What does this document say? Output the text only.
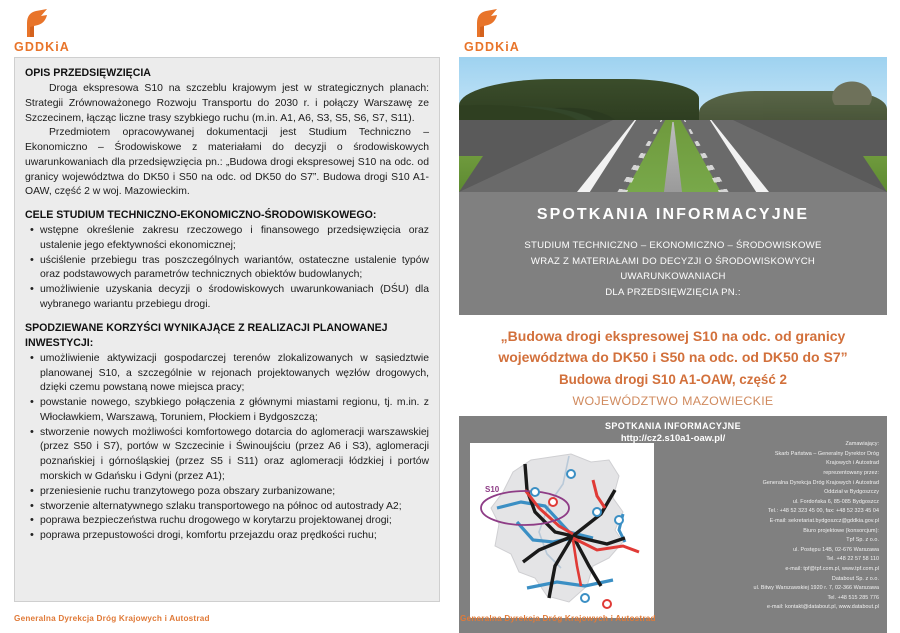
GDDKiA
OPIS PRZEDSIĘWZIĘCIA
Droga ekspresowa S10 na szczeblu krajowym jest w strategicznych planach: Strategii Zrównoważonego Rozwoju Transportu do 2030 r. i połączy Warszawę ze Szczecinem, łącząc liczne trasy szybkiego ruchu (m.in. A1, A6, S3, S5, S6, S7, S11).
Przedmiotem opracowywanej dokumentacji jest Studium Techniczno – Ekonomiczno – Środowiskowe z materiałami do decyzji o środowiskowych uwarunkowaniach dla przedsięwzięcia pn.: „Budowa drogi ekspresowej S10 na odc. od granicy województwa do DK50 i S50 na odc. od DK50 do S7”. Budowa drogi S10 A1-OAW, część 2 w woj. Mazowieckim.
CELE STUDIUM TECHNICZNO-EKONOMICZNO-ŚRODOWISKOWEGO:
• wstępne określenie zakresu rzeczowego i finansowego przedsięwzięcia oraz ustalenie jego efektywności ekonomicznej;
• uściślenie przebiegu tras poszczególnych wariantów, ostateczne ustalenie typów oraz podstawowych parametrów technicznych obiektów budowlanych;
• umożliwienie uzyskania decyzji o środowiskowych uwarunkowaniach (DŚU) dla wybranego wariantu przebiegu drogi.
SPODZIEWANE KORZYŚCI WYNIKAJĄCE Z REALIZACJI PLANOWANEJ INWESTYCJI:
• umożliwienie aktywizacji gospodarczej terenów zlokalizowanych w sąsiedztwie planowanej S10, a szczególnie w rejonach projektowanych węzłów drogowych, dzięki czemu powstaną nowe miejsca pracy;
• powstanie nowego, szybkiego połączenia z głównymi miastami regionu, tj. m.in. z Włocławkiem, Warszawą, Toruniem, Płockiem i Bydgoszczą;
• stworzenie nowych możliwości komfortowego dotarcia do aglomeracji warszawskiej (przez S50 i S7), portów w Szczecinie i Świnoujściu (przez A6 i S3), aglomeracji poznańskiej i górnośląskiej (przez S5 i S11) oraz aglomeracji łódzkiej i portów morskich w Gdańsku i Gdyni (przez A1);
• przeniesienie ruchu tranzytowego poza obszary zurbanizowane;
• stworzenie alternatywnego szlaku transportowego na północ od autostrady A2;
• poprawa bezpieczeństwa ruchu drogowego w korytarzu projektowanej drogi;
• poprawa przepustowości drogi, komfortu przejazdu oraz prędkości ruchu;
Generalna Dyrekcja Dróg Krajowych i Autostrad
GDDKiA
SPOTKANIA INFORMACYJNE
STUDIUM TECHNICZNO – EKONOMICZNO – ŚRODOWISKOWE
WRAZ Z MATERIAŁAMI DO DECYZJI O ŚRODOWISKOWYCH
UWARUNKOWANIACH
DLA PRZEDSIĘWZIĘCIA PN.:
„Budowa drogi ekspresowej S10 na odc. od granicy
województwa do DK50 i S50 na odc. od DK50 do S7”
Budowa drogi S10 A1-OAW, część 2
WOJEWÓDZTWO MAZOWIECKIE
SPOTKANIA INFORMACYJNE
http://cz2.s10a1-oaw.pl/
S10
Zamawiający:
Skarb Państwa – Generalny Dyrektor Dróg
Krajowych i Autostrad
reprezentowany przez:
Generalna Dyrekcja Dróg Krajowych i Autostrad
Oddział w Bydgoszczy
ul. Fordońska 6, 85-085 Bydgoszcz
Tel.: +48 52 323 45 00, fax: +48 52 323 45 04
E-mail: sekretariat.bydgoszcz@gddkia.gov.pl
Biuro projektowe (konsorcjum):
Tpf Sp. z o.o.
ul. Postępu 14B, 02-676 Warszawa
Tel. +48 22 57 58 110
e-mail: tpf@tpf.com.pl, www.tpf.com.pl
Databout Sp. z o.o.
ul. Bitwy Warszawskiej 1920 r. 7, 02-366 Warszawa
Tel. +48 515 285 776
e-mail: kontakt@databout.pl, www.databout.pl
Generalna Dyrekcja Dróg Krajowych i Autostrad
